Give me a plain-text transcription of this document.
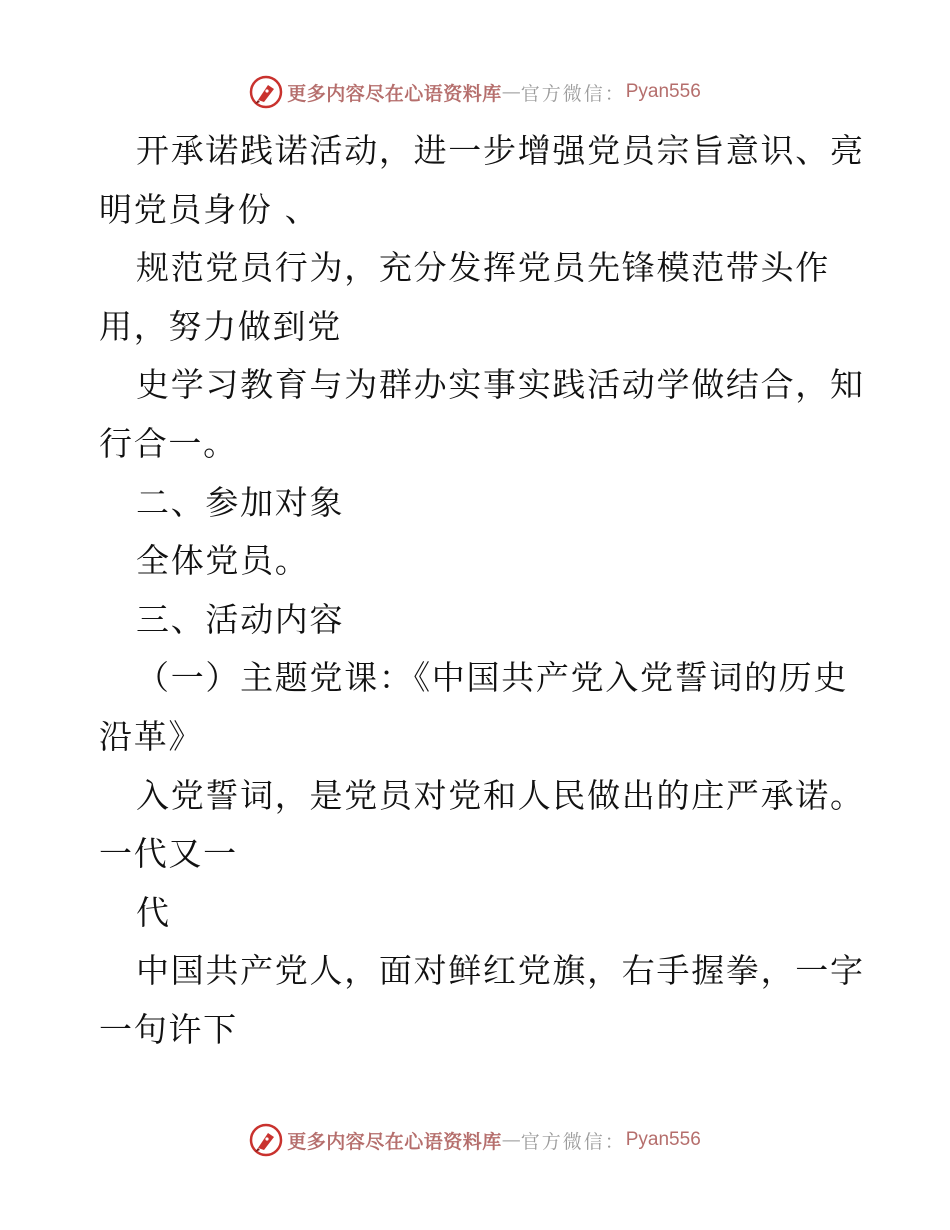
更多内容尽在心语资料库 — 官方微信： Pyan556
开承诺践诺活动，进一步增强党员宗旨意识、亮
明党员身份 、
规范党员行为，充分发挥党员先锋模范带头作
用，努力做到党
史学习教育与为群办实事实践活动学做结合，知
行合一。
二、参加对象
全体党员。
三、活动内容
（一）主题党课：《中国共产党入党誓词的历史
沿革》
入党誓词，是党员对党和人民做出的庄严承诺。
一代又一
代
中国共产党人，面对鲜红党旗，右手握拳，一字
一句许下
更多内容尽在心语资料库 — 官方微信： Pyan556
